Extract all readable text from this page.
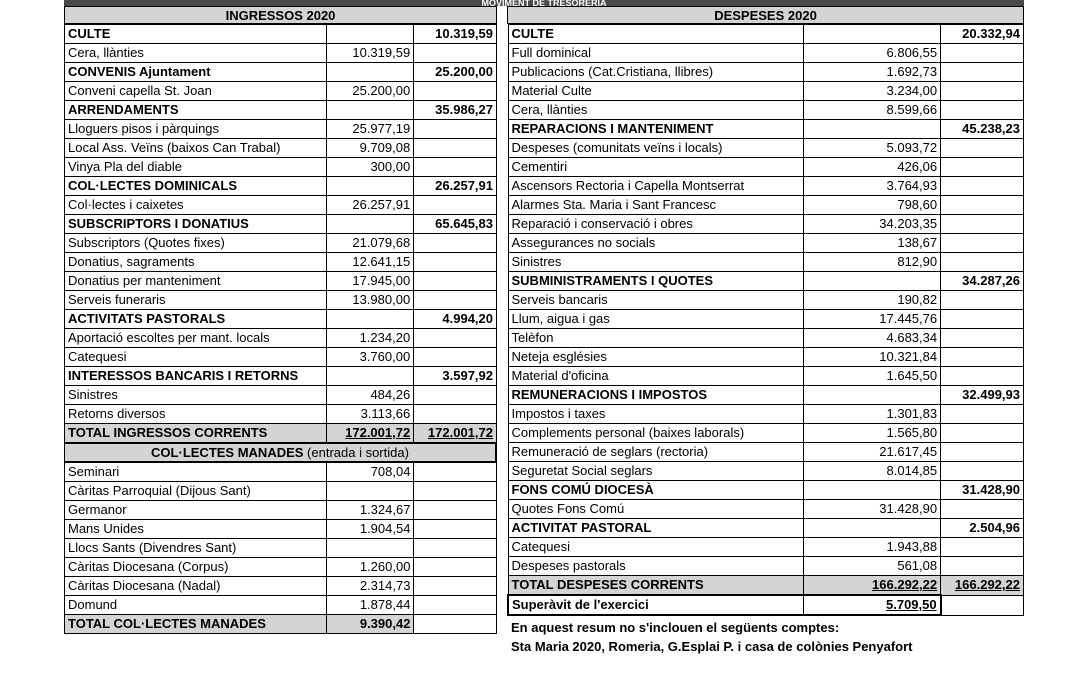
MOVIMENT DE TRESORERIA
INGRESSOS 2020
CULTE		10.319,59
Cera, llànties	10.319,59	
CONVENIS Ajuntament		25.200,00
Conveni capella St. Joan	25.200,00	
ARRENDAMENTS		35.986,27
Lloguers pisos i pàrquings	25.977,19	
Local Ass. Veïns (baixos Can Trabal)	9.709,08	
Vinya Pla del diable	300,00	
COL·LECTES DOMINICALS		26.257,91
Col·lectes i caixetes	26.257,91	
SUBSCRIPTORS I DONATIUS		65.645,83
Subscriptors (Quotes fixes)	21.079,68	
Donatius, sagraments	12.641,15	
Donatius per manteniment	17.945,00	
Serveis funeraris	13.980,00	
ACTIVITATS PASTORALS		4.994,20
Aportació escoltes per mant. locals	1.234,20	
Catequesi	3.760,00	
INTERESSOS BANCARIS I RETORNS		3.597,92
Sinistres	484,26	
Retorns diversos	3.113,66	
TOTAL INGRESSOS CORRENTS	172.001,72	172.001,72
COL·LECTES MANADES (entrada i sortida)
Seminari	708,04	
Càritas Parroquial (Dijous Sant)		
Germanor	1.324,67	
Mans Unides	1.904,54	
Llocs Sants (Divendres Sant)		
Càritas Diocesana (Corpus)	1.260,00	
Càritas Diocesana (Nadal)	2.314,73	
Domund	1.878,44	
TOTAL COL·LECTES MANADES	9.390,42	
DESPESES 2020
CULTE		20.332,94
Full dominical	6.806,55	
Publicacions (Cat.Cristiana, llibres)	1.692,73	
Material Culte	3.234,00	
Cera, llànties	8.599,66	
REPARACIONS I MANTENIMENT		45.238,23
Despeses (comunitats veïns i locals)	5.093,72	
Cementiri	426,06	
Ascensors Rectoria i Capella Montserrat	3.764,93	
Alarmes Sta. Maria i Sant Francesc	798,60	
Reparació i conservació i obres	34.203,35	
Assegurances no socials	138,67	
Sinistres	812,90	
SUBMINISTRAMENTS I QUOTES		34.287,26
Serveis bancaris	190,82	
Llum, aigua i gas	17.445,76	
Telèfon	4.683,34	
Neteja esglésies	10.321,84	
Material d'oficina	1.645,50	
REMUNERACIONS I IMPOSTOS		32.499,93
Impostos i taxes	1.301,83	
Complements personal (baixes laborals)	1.565,80	
Remuneració de seglars (rectoria)	21.617,45	
Seguretat Social seglars	8.014,85	
FONS COMÚ DIOCESÀ		31.428,90
Quotes Fons Comú	31.428,90	
ACTIVITAT PASTORAL		2.504,96
Catequesi	1.943,88	
Despeses pastorals	561,08	
TOTAL DESPESES CORRENTS	166.292,22	166.292,22
Superàvit de l'exercici	5.709,50	
En aquest resum no s'inclouen el següents comptes:
Sta Maria 2020, Romeria, G.Esplai P. i casa de colònies Penyafort
